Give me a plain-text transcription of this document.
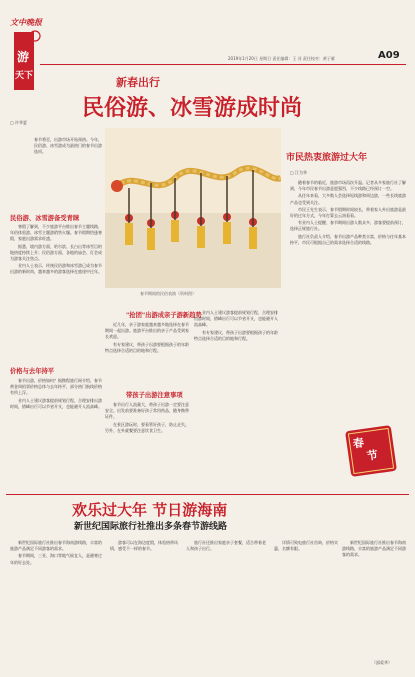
文中晚报
游
天下
2019年1月20日 星期日 责任编辑：王 河 责任校对：黄子雁	A09
新春出行
民俗游、冰雪游成时尚
□ 许华夏
春节将至，出游市场开始预热。今年，民俗游、冰雪游成为最热门的春节出游选项。
春节期间的民俗表演（资料图）
民俗游、冰雪游备受青睐

寒假了解到，不少旅游平台推出春节主题线路，年俗体验游、冰雪主题游销售火爆。春节假期恰逢寒假，家庭出游需求旺盛。

据悉，境内游方面，哈尔滨、长白山等冰雪目的地热度持续上升；民俗游方面，各地的庙会、灯会成为游客关注焦点。

业内人士表示，传统民俗游和冰雪游已成为春节出游的新时尚，越来越多的游客选择在旅途中过年。

价格与去年持平

春节出游，价格如何？据携程旅行网介绍，春节黄金周机票价格总体与去年持平，部分热门航线价格有所上浮。

业内人士建议游客提前规划行程，合理安排出游时间，错峰出行可以节省开支，也能避开人流高峰。

"抢团"出游成亲子游新趋势

近几年，亲子游家庭越来越多地选择在春节期间一起出游。旅游平台推出的亲子产品受到家长欢迎。

有专家建议，带孩子出游要根据孩子的年龄特点选择合适的目的地和行程。

带孩子出游注意事项

春节出行人流量大，带孩子出游一定要注意安全。出发前要准备好孩子常用药品，随身携带证件。

在景区游玩时，要看管好孩子，防止走失。另外，在外就餐要注意饮食卫生。

业内人士建议游客提前规划行程，合理安排出游时间，错峰出行可以节省开支，也能避开人流高峰。

有专家建议，带孩子出游要根据孩子的年龄特点选择合适的目的地和行程。

市民热衷旅游过大年
□ 江为华

随着春节的临近，旅游市场再次升温。记者从多家旅行社了解到，今年市民春节出游意愿强烈，不少线路已经预订一空。

从往年来看，大多数人会选择短线游和周边游，一些长线旅游产品也受到关注。

市民王先生表示，春节假期时间较长，带着家人外出旅游是最好的过年方式，今年打算去云南看看。

有业内人士提醒，春节期间出游人数众多，游客要提前预订，选择正规旅行社。

旅行社负责人介绍，春节出游产品种类丰富，价格与往年基本持平，市民可根据自己的需求选择合适的线路。

春
节
欢乐过大年 节日游海南
新世纪国际旅行社推出多条春节游线路

新世纪国际旅行社推出春节海南游线路，丰富的旅游产品满足不同游客的需求。

春节期间，三亚、海口等地气候宜人，是避寒过年的好去处。

游客可以在海边度假，体验热带风情，感受不一样的春节。

旅行社还推出家庭亲子套餐，适合带着老人和孩子出行。

详情可致电旅行社咨询，价格实惠，名额有限。

新世纪国际旅行社推出春节海南游线路，丰富的旅游产品满足不同游客的需求。

（邵爱华）
